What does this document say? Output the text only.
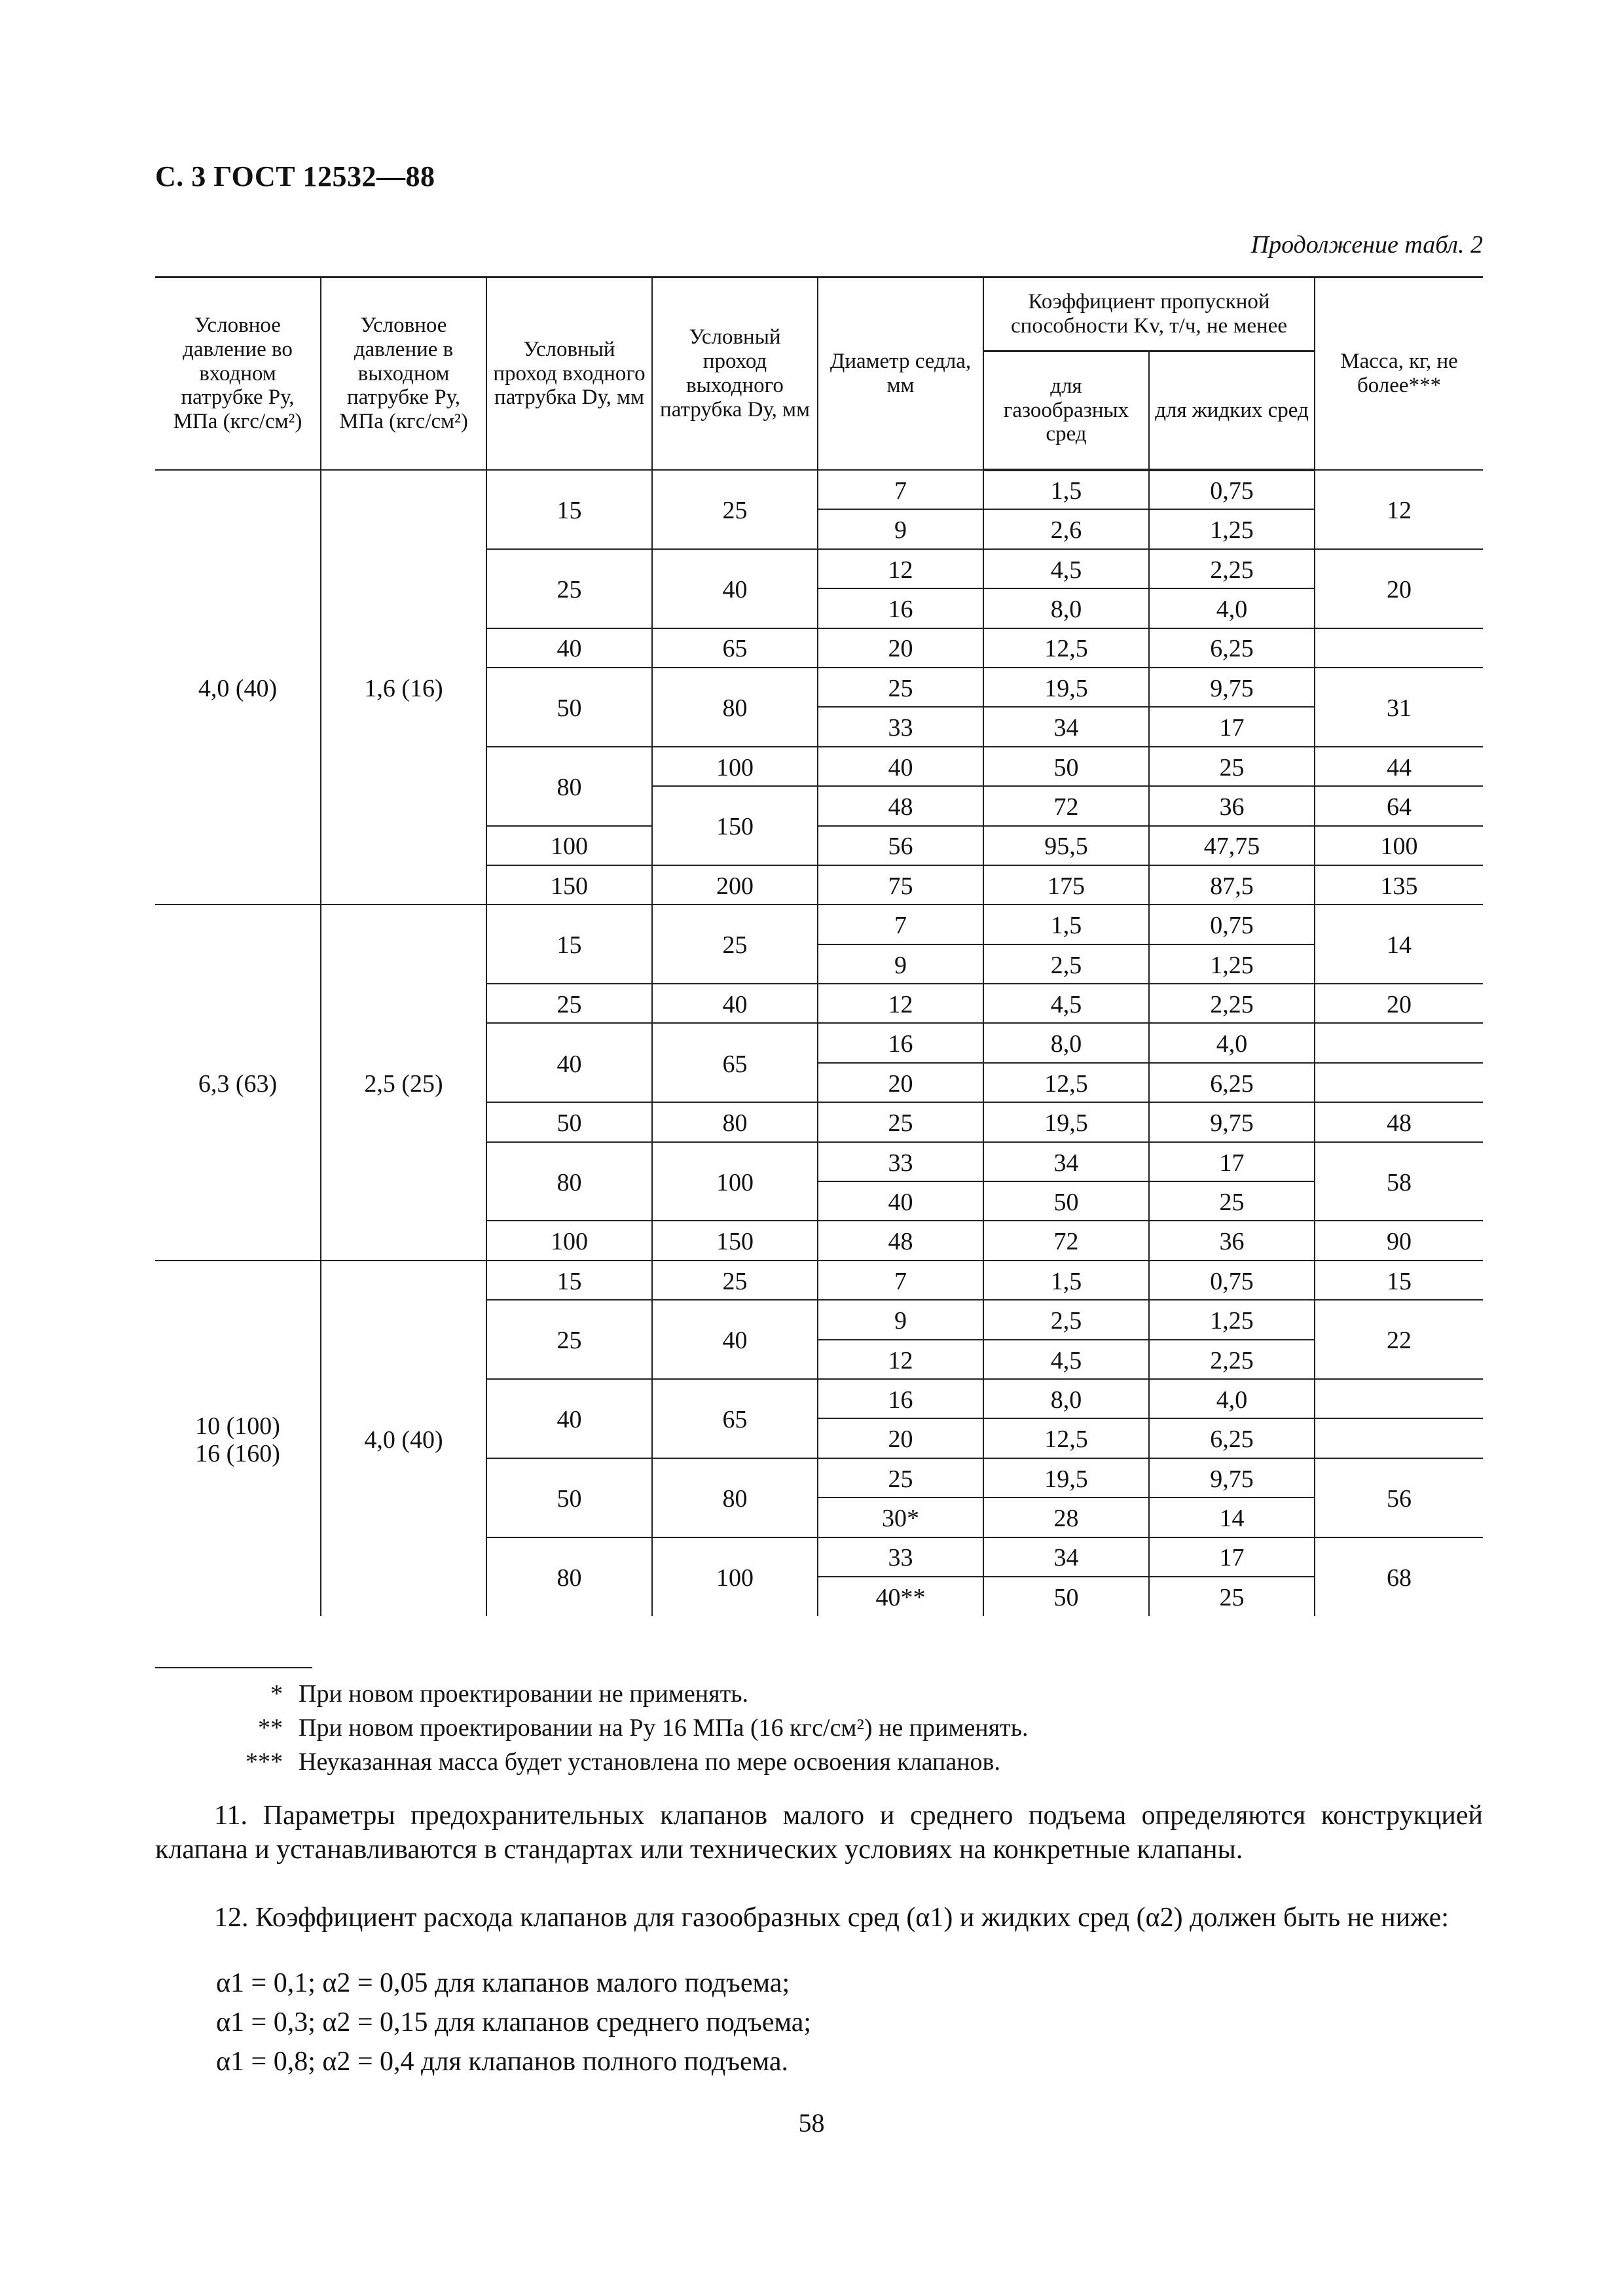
С. 3 ГОСТ 12532—88
Продолжение табл. 2
Условное давление во входном патрубке Pу, МПа (кгс/см²)	Условное давление в выходном патрубке Pу, МПа (кгс/см²)	Условный проход входного патрубка Dу, мм	Условный проход выходного патрубка Dу, мм	Диаметр седла, мм	Коэффициент пропускной способности Kv, т/ч, не менее		Масса, кг, не более***
					для газообразных сред	для жидких сред	
4,0 (40)	1,6 (16)	15	25	7	1,5	0,75	12
				9	2,6	1,25	
		25	40	12	4,5	2,25	20
				16	8,0	4,0	
		40	65	20	12,5	6,25	
		50	80	25	19,5	9,75	31
				33	34	17	
		80	100	40	50	25	44
			150	48	72	36	64
		100		56	95,5	47,75	100
		150	200	75	175	87,5	135
6,3 (63)	2,5 (25)	15	25	7	1,5	0,75	14
				9	2,5	1,25	
		25	40	12	4,5	2,25	20
		40	65	16	8,0	4,0	
				20	12,5	6,25	
		50	80	25	19,5	9,75	48
		80	100	33	34	17	58
				40	50	25	
		100	150	48	72	36	90
10 (100)
16 (160)	4,0 (40)	15	25	7	1,5	0,75	15
		25	40	9	2,5	1,25	22
				12	4,5	2,25	
		40	65	16	8,0	4,0	
				20	12,5	6,25	
		50	80	25	19,5	9,75	56
				30*	28	14	
		80	100	33	34	17	68
				40**	50	25	
* При новом проектировании не применять.
** При новом проектировании на Pу 16 МПа (16 кгс/см²) не применять.
*** Неуказанная масса будет установлена по мере освоения клапанов.
11. Параметры предохранительных клапанов малого и среднего подъема определяются конструкцией клапана и устанавливаются в стандартах или технических условиях на конкретные клапаны.
12. Коэффициент расхода клапанов для газообразных сред (α1) и жидких сред (α2) должен быть не ниже:
α1 = 0,1; α2 = 0,05 для клапанов малого подъема;
α1 = 0,3; α2 = 0,15 для клапанов среднего подъема;
α1 = 0,8; α2 = 0,4 для клапанов полного подъема.
58
